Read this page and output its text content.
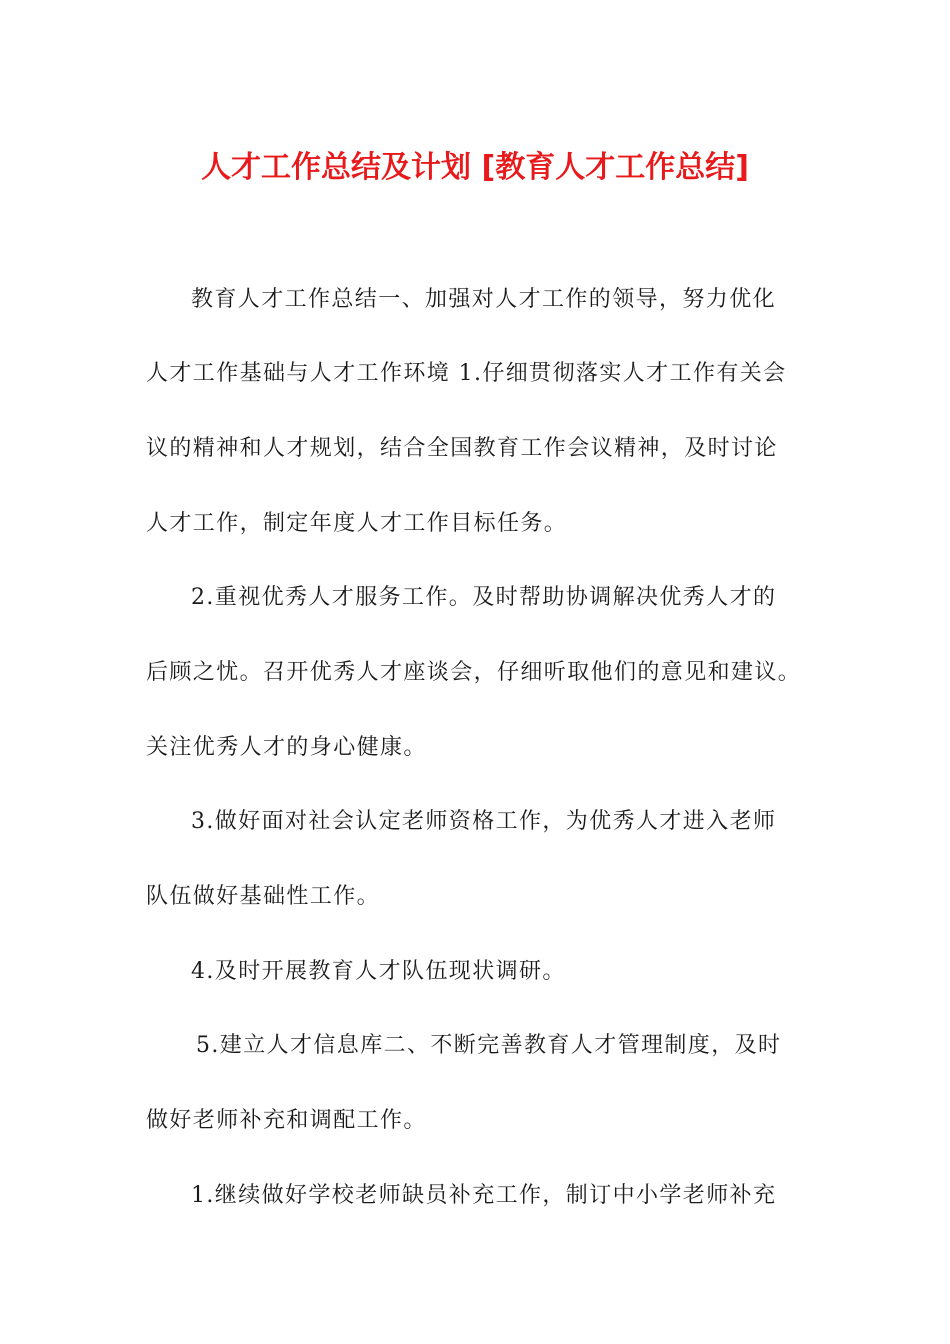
人才工作总结及计划 [教育人才工作总结]
教育人才工作总结一、加强对人才工作的领导，努力优化
人才工作基础与人才工作环境 1.仔细贯彻落实人才工作有关会
议的精神和人才规划，结合全国教育工作会议精神，及时讨论
人才工作，制定年度人才工作目标任务。
2.重视优秀人才服务工作。及时帮助协调解决优秀人才的
后顾之忧。召开优秀人才座谈会，仔细听取他们的意见和建议。
关注优秀人才的身心健康。
3.做好面对社会认定老师资格工作，为优秀人才进入老师
队伍做好基础性工作。
4.及时开展教育人才队伍现状调研。
5.建立人才信息库二、不断完善教育人才管理制度，及时
做好老师补充和调配工作。
1.继续做好学校老师缺员补充工作，制订中小学老师补充
